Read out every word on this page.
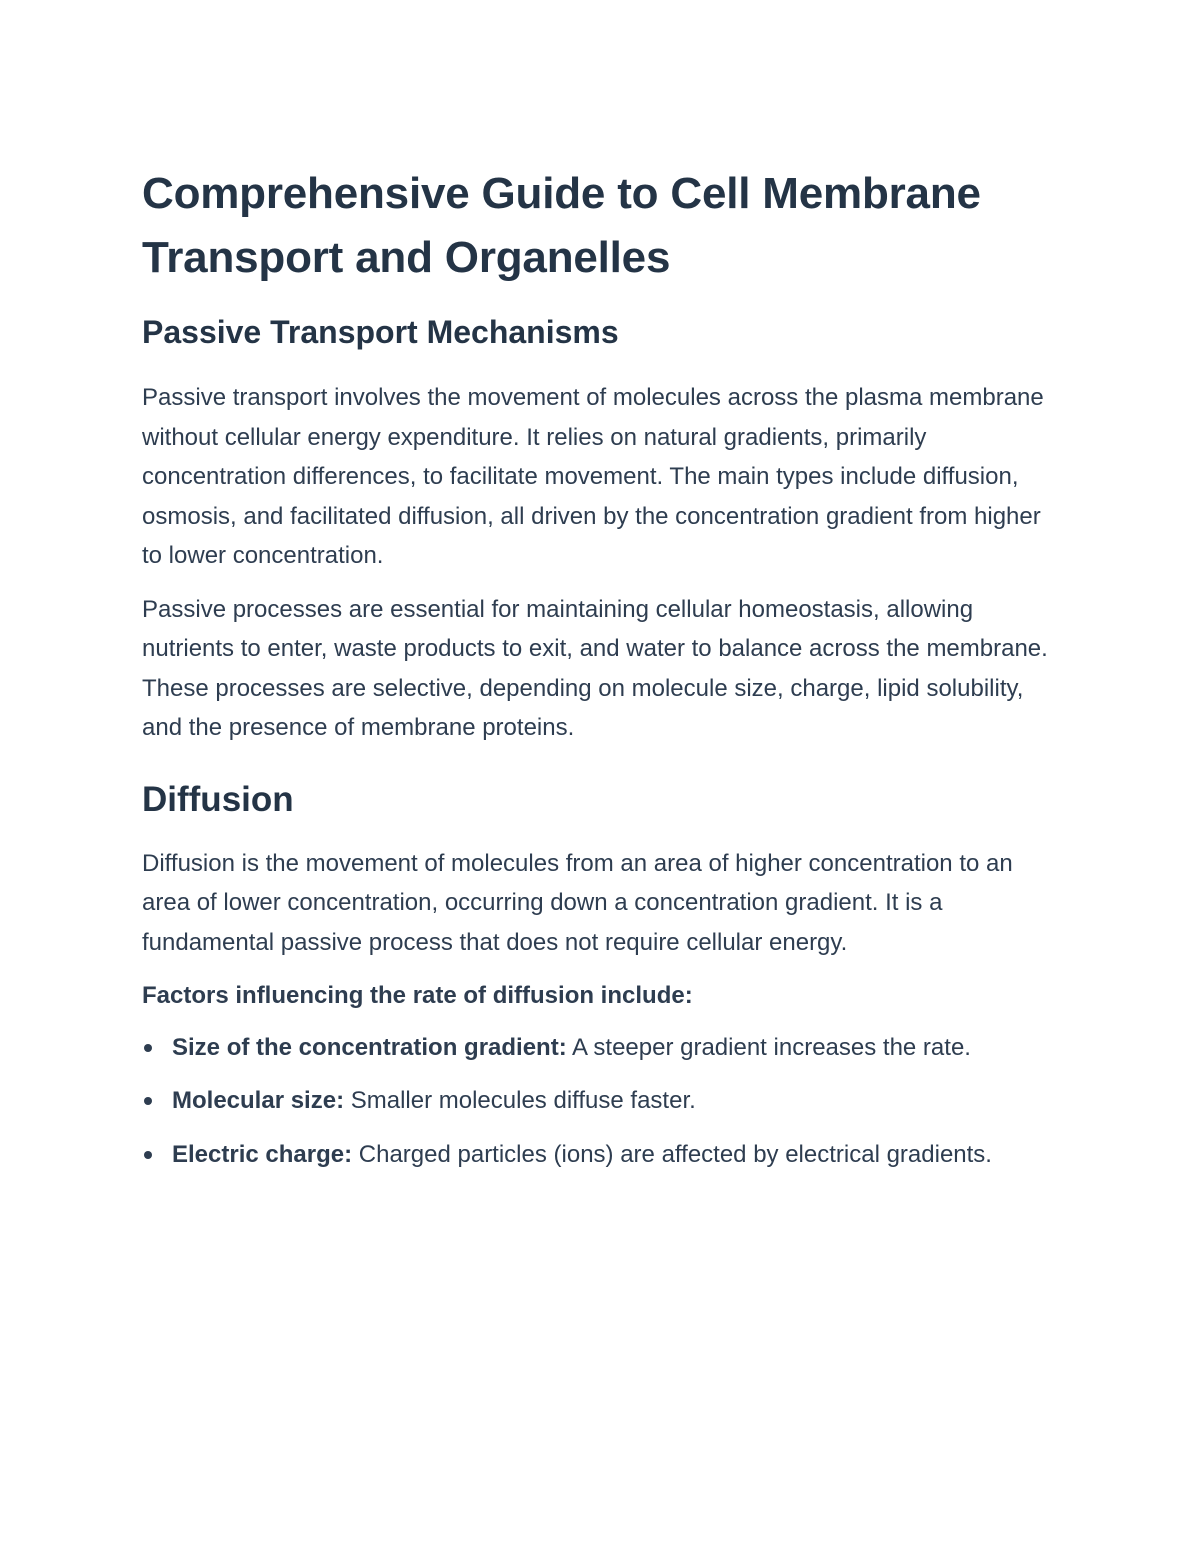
Comprehensive Guide to Cell Membrane Transport and Organelles
Passive Transport Mechanisms

Passive transport involves the movement of molecules across the plasma membrane without cellular energy expenditure. It relies on natural gradients, primarily concentration differences, to facilitate movement. The main types include diffusion, osmosis, and facilitated diffusion, all driven by the concentration gradient from higher to lower concentration.

Passive processes are essential for maintaining cellular homeostasis, allowing nutrients to enter, waste products to exit, and water to balance across the membrane. These processes are selective, depending on molecule size, charge, lipid solubility, and the presence of membrane proteins.

Diffusion

Diffusion is the movement of molecules from an area of higher concentration to an area of lower concentration, occurring down a concentration gradient. It is a fundamental passive process that does not require cellular energy.

Factors influencing the rate of diffusion include:

Size of the concentration gradient: A steeper gradient increases the rate.
Molecular size: Smaller molecules diffuse faster.
Electric charge: Charged particles (ions) are affected by electrical gradients.
